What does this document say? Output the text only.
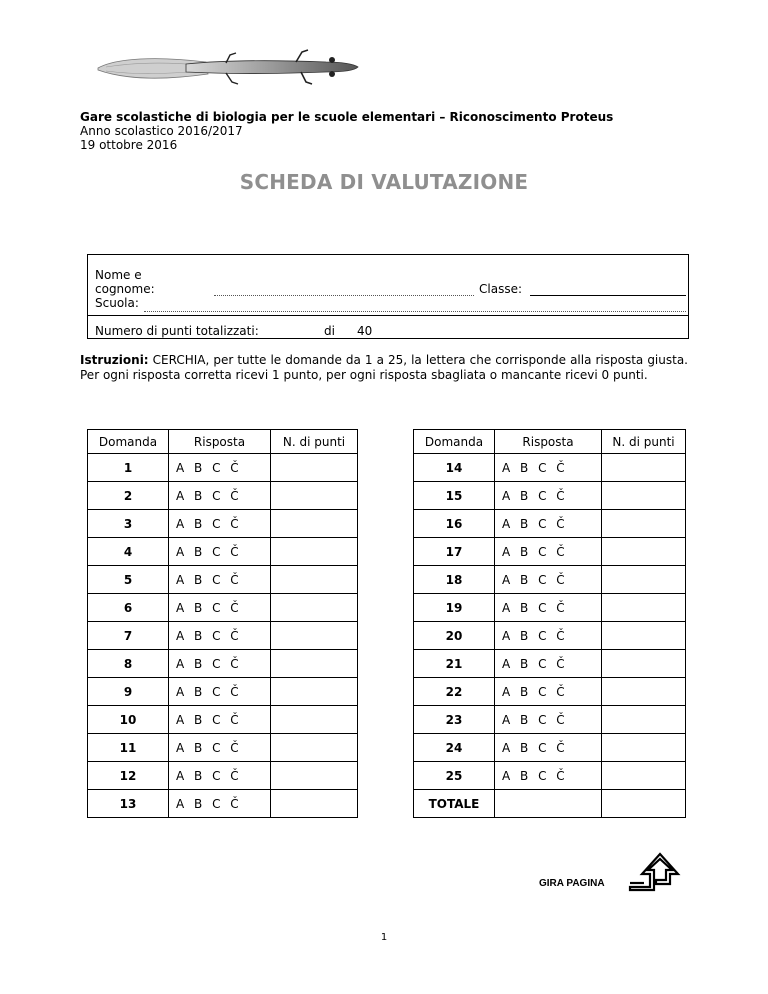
Gare scolastiche di biologia per le scuole elementari – Riconoscimento Proteus
Anno scolastico 2016/2017
19 ottobre 2016
SCHEDA DI VALUTAZIONE
Nome e
cognome:	Classe:
Scuola:
Numero di punti totalizzati:	di 40
Istruzioni: CERCHIA, per tutte le domande da 1 a 25, la lettera che corrisponde alla risposta giusta. Per ogni risposta corretta ricevi 1 punto, per ogni risposta sbagliata o mancante ricevi 0 punti.
Domanda	Risposta	N. di punti
1	A B C Č	
2	A B C Č	
3	A B C Č	
4	A B C Č	
5	A B C Č	
6	A B C Č	
7	A B C Č	
8	A B C Č	
9	A B C Č	
10	A B C Č	
11	A B C Č	
12	A B C Č	
13	A B C Č	
Domanda	Risposta	N. di punti
14	A B C Č	
15	A B C Č	
16	A B C Č	
17	A B C Č	
18	A B C Č	
19	A B C Č	
20	A B C Č	
21	A B C Č	
22	A B C Č	
23	A B C Č	
24	A B C Č	
25	A B C Č	
TOTALE		
GIRA PAGINA
1
